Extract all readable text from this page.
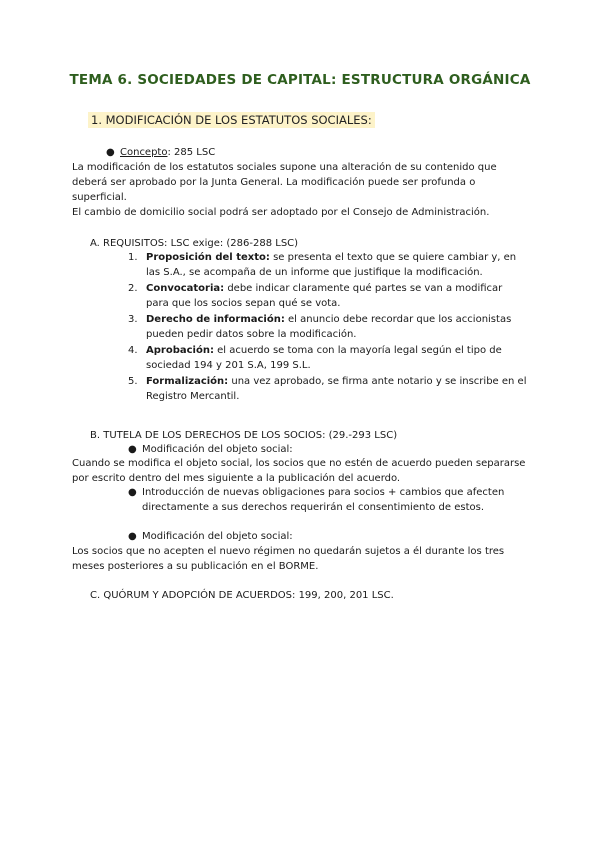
TEMA 6. SOCIEDADES DE CAPITAL: ESTRUCTURA ORGÁNICA
1. MODIFICACIÓN DE LOS ESTATUTOS SOCIALES:
● Concepto: 285 LSC
La modificación de los estatutos sociales supone una alteración de su contenido que deberá ser aprobado por la Junta General. La modificación puede ser profunda o superficial.
El cambio de domicilio social podrá ser adoptado por el Consejo de Administración.
A. REQUISITOS: LSC exige: (286-288 LSC)
1. Proposición del texto: se presenta el texto que se quiere cambiar y, en las S.A., se acompaña de un informe que justifique la modificación.
2. Convocatoria: debe indicar claramente qué partes se van a modificar para que los socios sepan qué se vota.
3. Derecho de información: el anuncio debe recordar que los accionistas pueden pedir datos sobre la modificación.
4. Aprobación: el acuerdo se toma con la mayoría legal según el tipo de sociedad 194 y 201 S.A, 199 S.L.
5. Formalización: una vez aprobado, se firma ante notario y se inscribe en el Registro Mercantil.
B. TUTELA DE LOS DERECHOS DE LOS SOCIOS: (29.-293 LSC)
● Modificación del objeto social:
Cuando se modifica el objeto social, los socios que no estén de acuerdo pueden separarse por escrito dentro del mes siguiente a la publicación del acuerdo.
● Introducción de nuevas obligaciones para socios + cambios que afecten directamente a sus derechos requerirán el consentimiento de estos.
● Modificación del objeto social:
Los socios que no acepten el nuevo régimen no quedarán sujetos a él durante los tres meses posteriores a su publicación en el BORME.
C. QUÓRUM Y ADOPCIÓN DE ACUERDOS: 199, 200, 201 LSC.
